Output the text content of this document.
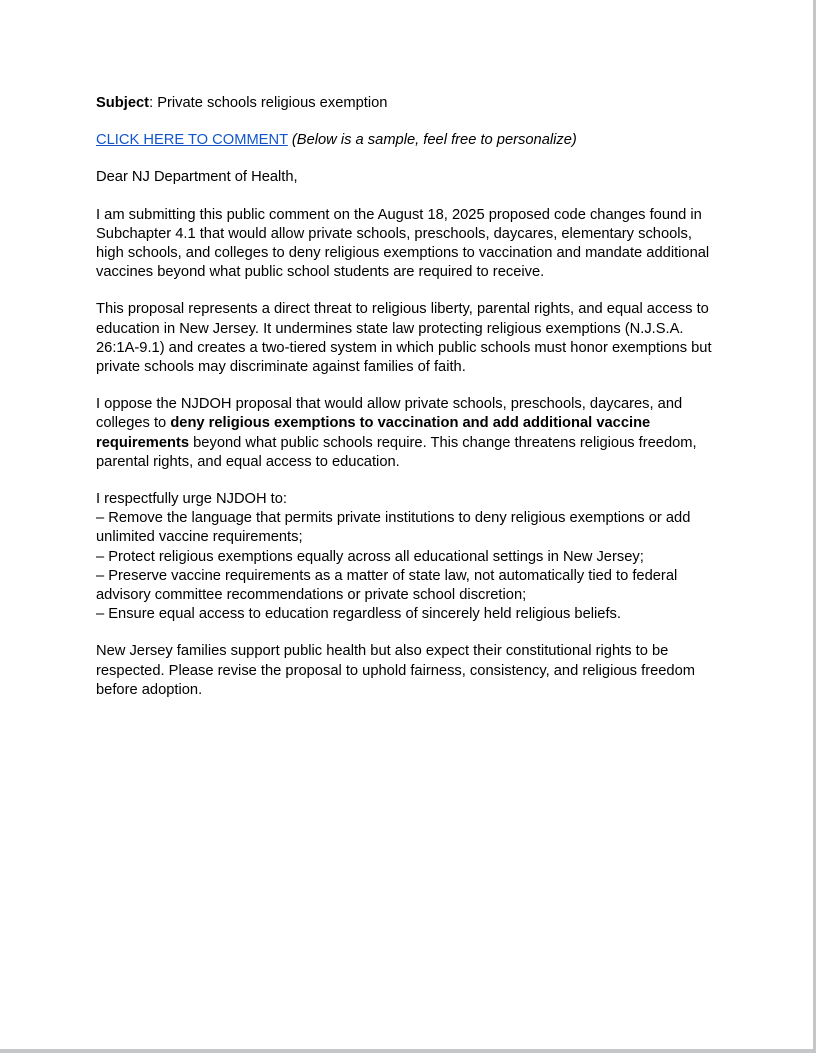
Subject: Private schools religious exemption

CLICK HERE TO COMMENT (Below is a sample, feel free to personalize)

Dear NJ Department of Health,

I am submitting this public comment on the August 18, 2025 proposed code changes found in Subchapter 4.1 that would allow private schools, preschools, daycares, elementary schools, high schools, and colleges to deny religious exemptions to vaccination and mandate additional vaccines beyond what public school students are required to receive.

This proposal represents a direct threat to religious liberty, parental rights, and equal access to education in New Jersey. It undermines state law protecting religious exemptions (N.J.S.A. 26:1A-9.1) and creates a two-tiered system in which public schools must honor exemptions but private schools may discriminate against families of faith.

I oppose the NJDOH proposal that would allow private schools, preschools, daycares, and colleges to deny religious exemptions to vaccination and add additional vaccine requirements beyond what public schools require. This change threatens religious freedom, parental rights, and equal access to education.

I respectfully urge NJDOH to:
– Remove the language that permits private institutions to deny religious exemptions or add unlimited vaccine requirements;
– Protect religious exemptions equally across all educational settings in New Jersey;
– Preserve vaccine requirements as a matter of state law, not automatically tied to federal advisory committee recommendations or private school discretion;
– Ensure equal access to education regardless of sincerely held religious beliefs.

New Jersey families support public health but also expect their constitutional rights to be respected. Please revise the proposal to uphold fairness, consistency, and religious freedom before adoption.
